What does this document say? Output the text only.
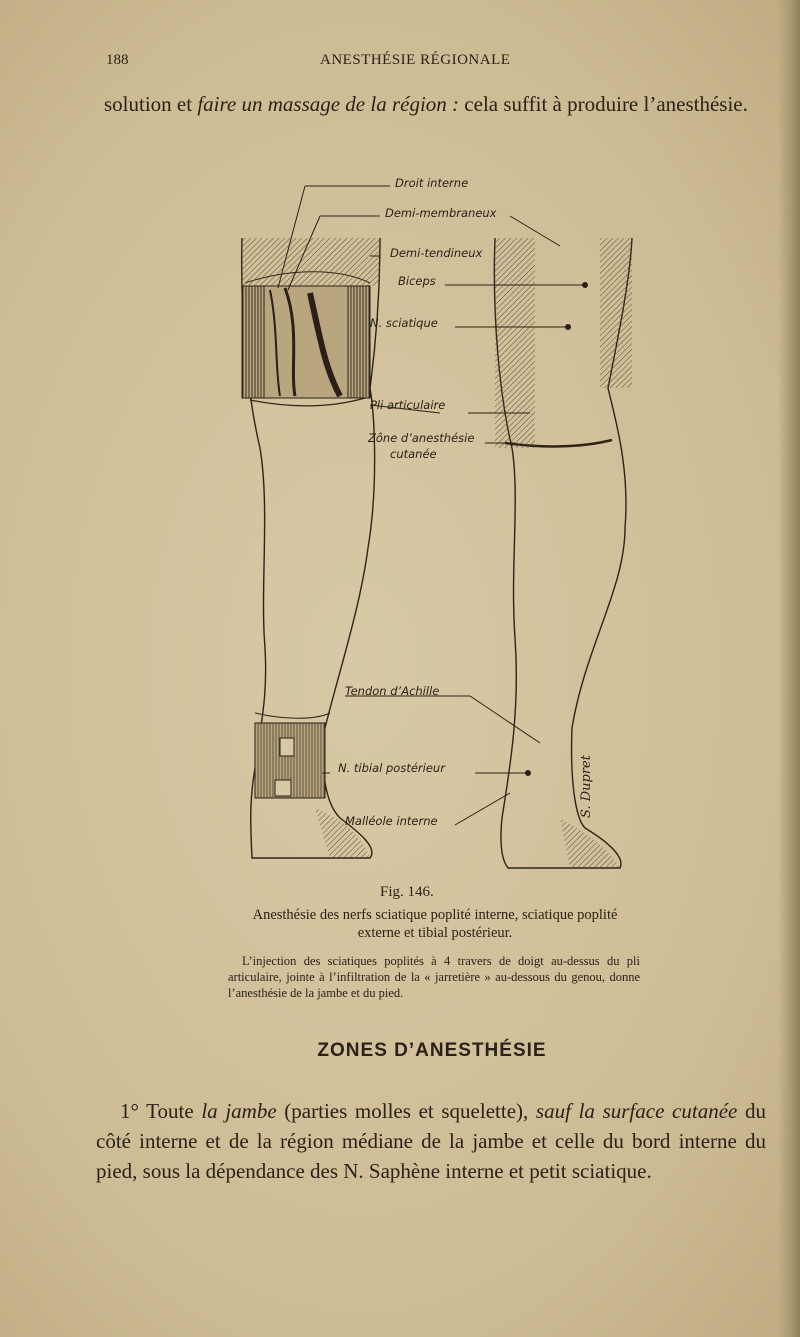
188	ANESTHÉSIE RÉGIONALE
solution et faire un massage de la région : cela suffit à produire l’anesthésie.
S. Dupret
Droit interne
Demi-membraneux
Demi-tendineux
Biceps
N. sciatique
Pli articulaire
Zône d’anesthésie
cutanée
Tendon d’Achille
N. tibial postérieur
Malléole interne
Fig. 146.
Anesthésie des nerfs sciatique poplité interne, sciatique poplité externe et tibial postérieur.
L’injection des sciatiques poplités à 4 travers de doigt au-dessus du pli articulaire, jointe à l’infiltration de la « jarretière » au-dessous du genou, donne l’anesthésie de la jambe et du pied.
ZONES D’ANESTHÉSIE
1° Toute la jambe (parties molles et squelette), sauf la surface cutanée du côté interne et de la région médiane de la jambe et celle du bord interne du pied, sous la dépendance des N. Saphène interne et petit sciatique.
